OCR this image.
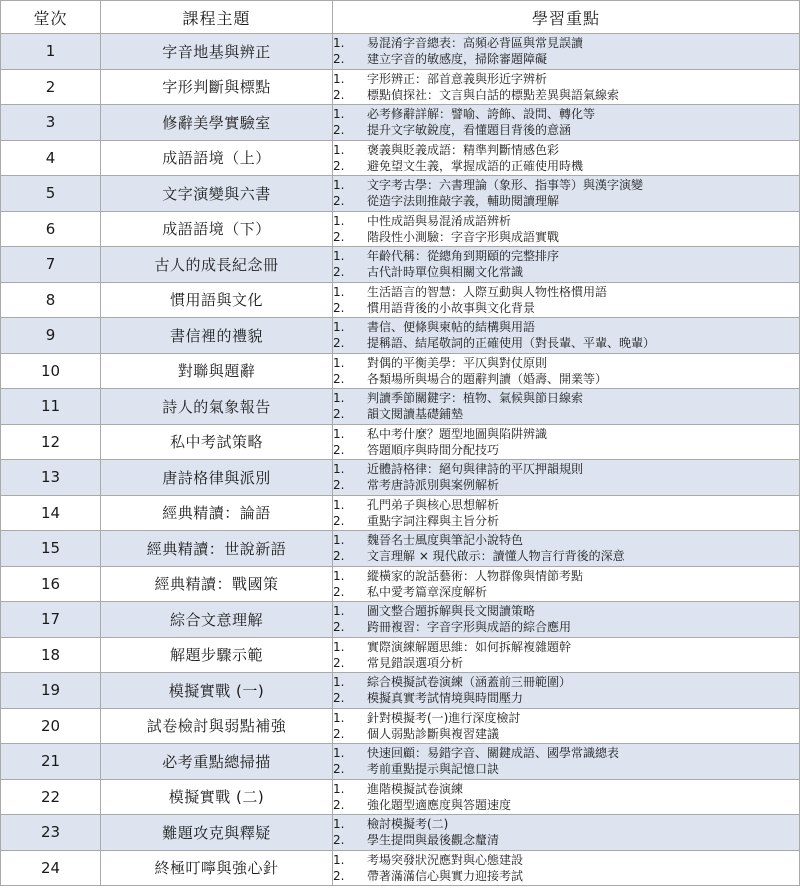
堂次	課程主題	學習重點
1	字音地基與辨正	1. 易混淆字音總表：高頻必背區與常見誤讀
2. 建立字音的敏感度，掃除審題障礙

2	字形判斷與標點	1. 字形辨正：部首意義與形近字辨析
2. 標點偵探社：文言與白話的標點差異與語氣線索

3	修辭美學實驗室	1. 必考修辭詳解：譬喻、誇飾、設問、轉化等
2. 提升文字敏銳度，看懂題目背後的意涵

4	成語語境（上）	1. 褒義與貶義成語：精準判斷情感色彩
2. 避免望文生義，掌握成語的正確使用時機

5	文字演變與六書	1. 文字考古學：六書理論（象形、指事等）與漢字演變
2. 從造字法則推敲字義，輔助閱讀理解

6	成語語境（下）	1. 中性成語與易混淆成語辨析
2. 階段性小測驗：字音字形與成語實戰

7	古人的成長紀念冊	1. 年齡代稱：從總角到期頤的完整排序
2. 古代計時單位與相關文化常識

8	慣用語與文化	1. 生活語言的智慧：人際互動與人物性格慣用語
2. 慣用語背後的小故事與文化背景

9	書信裡的禮貌	1. 書信、便條與柬帖的結構與用語
2. 提稱語、結尾敬詞的正確使用（對長輩、平輩、晚輩）

10	對聯與題辭	1. 對偶的平衡美學：平仄與對仗原則
2. 各類場所與場合的題辭判讀（婚壽、開業等）

11	詩人的氣象報告	1. 判讀季節關鍵字：植物、氣候與節日線索
2. 韻文閱讀基礎鋪墊

12	私中考試策略	1. 私中考什麼？題型地圖與陷阱辨識
2. 答題順序與時間分配技巧

13	唐詩格律與派別	1. 近體詩格律：絕句與律詩的平仄押韻規則
2. 常考唐詩派別與案例解析

14	經典精讀：論語	1. 孔門弟子與核心思想解析
2. 重點字詞注釋與主旨分析

15	經典精讀：世說新語	1. 魏晉名士風度與筆記小說特色
2. 文言理解 × 現代啟示：讀懂人物言行背後的深意

16	經典精讀：戰國策	1. 縱橫家的說話藝術：人物群像與情節考點
2. 私中愛考篇章深度解析

17	綜合文意理解	1. 圖文整合題拆解與長文閱讀策略
2. 跨冊複習：字音字形與成語的綜合應用

18	解題步驟示範	1. 實際演練解題思維：如何拆解複雜題幹
2. 常見錯誤選項分析

19	模擬實戰 (一)	1. 綜合模擬試卷演練（涵蓋前三冊範圍）
2. 模擬真實考試情境與時間壓力

20	試卷檢討與弱點補強	1. 針對模擬考(一)進行深度檢討
2. 個人弱點診斷與複習建議

21	必考重點總掃描	1. 快速回顧：易錯字音、關鍵成語、國學常識總表
2. 考前重點提示與記憶口訣

22	模擬實戰 (二)	1. 進階模擬試卷演練
2. 強化題型適應度與答題速度

23	難題攻克與釋疑	1. 檢討模擬考(二)
2. 學生提問與最後觀念釐清

24	終極叮嚀與強心針	1. 考場突發狀況應對與心態建設
2. 帶著滿滿信心與實力迎接考試
